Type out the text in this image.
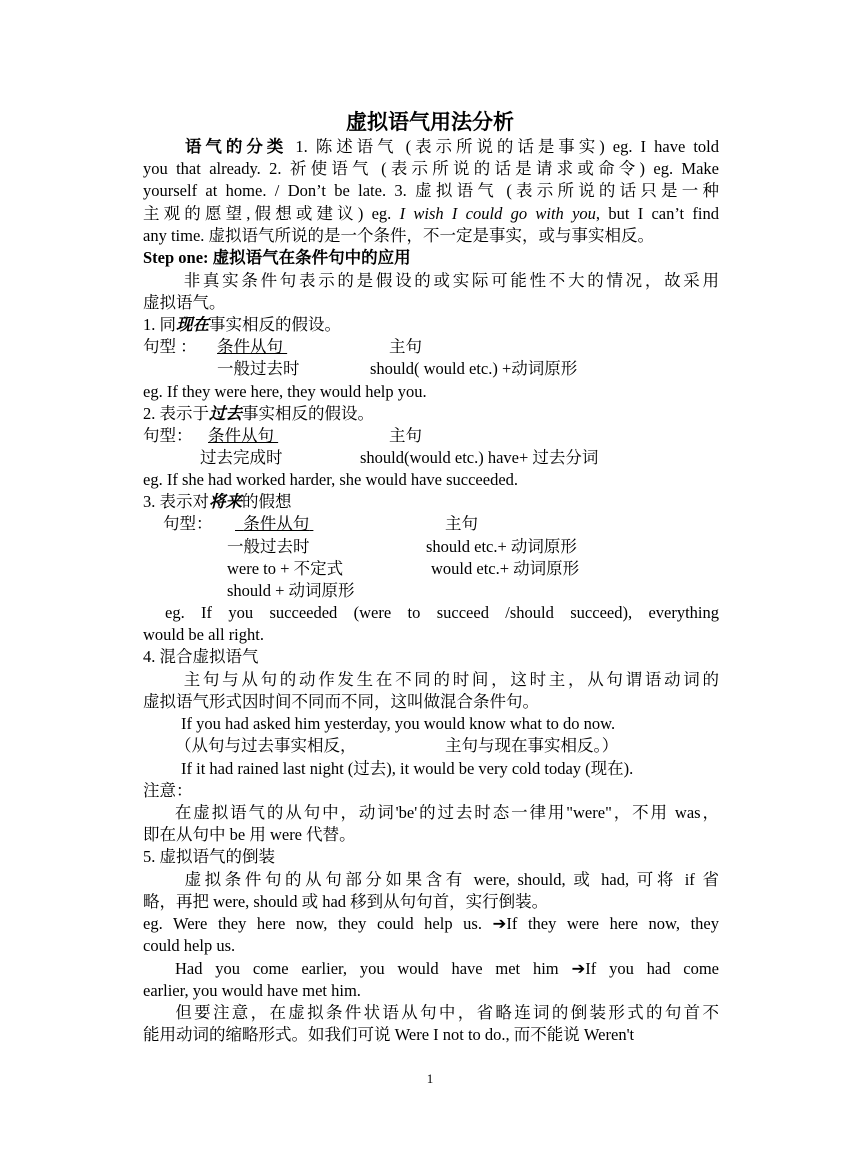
虚拟语气用法分析
语气的分类 1. 陈述语气 (表示所说的话是事实) eg. I have told
you that already. 2. 祈使语气 (表示所说的话是请求或命令) eg. Make
yourself at home. / Don’t be late. 3. 虚拟语气 (表示所说的话只是一种
主观的愿望,假想或建议) eg. I wish I could go with you, but I can’t find
any time. 虚拟语气所说的是一个条件，不一定是事实，或与事实相反。
Step one: 虚拟语气在条件句中的应用
非真实条件句表示的是假设的或实际可能性不大的情况，故采用
虚拟语气。
1. 同现在事实相反的假设。
句型 ： 条件从句	主句

一般过去时	should( would etc.) +动词原形
eg. If they were here, they would help you.
2. 表示于过去事实相反的假设。
句型： 条件从句	主句

过去完成时	should(would etc.) have+ 过去分词
eg. If she had worked harder, she would have succeeded.
3. 表示对将来的假想
句型：	条件从句	主句

一般过去时	should etc.+ 动词原形
were to + 不定式	would etc.+ 动词原形
should + 动词原形
eg. If you succeeded (were to succeed /should succeed), everything
would be all right.
4. 混合虚拟语气
主句与从句的动作发生在不同的时间，这时主，从句谓语动词的
虚拟语气形式因时间不同而不同，这叫做混合条件句。
If you had asked him yesterday, you would know what to do now.
（从句与过去事实相反，	主句与现在事实相反。）
If it had rained last night (过去), it would be very cold today (现在).
注意：
在虚拟语气的从句中，动词'be'的过去时态一律用"were"，不用 was，
即在从句中 be 用 were 代替。
5. 虚拟语气的倒装
虚拟条件句的从句部分如果含有 were, should, 或 had, 可将 if 省
略，再把 were, should 或 had 移到从句句首，实行倒装。
eg. Were they here now, they could help us. ➔If they were here now, they
could help us.
Had you come earlier, you would have met him ➔If you had come
earlier, you would have met him.
但要注意，在虚拟条件状语从句中，省略连词的倒装形式的句首不
能用动词的缩略形式。如我们可说 Were I not to do., 而不能说 Weren't
1
